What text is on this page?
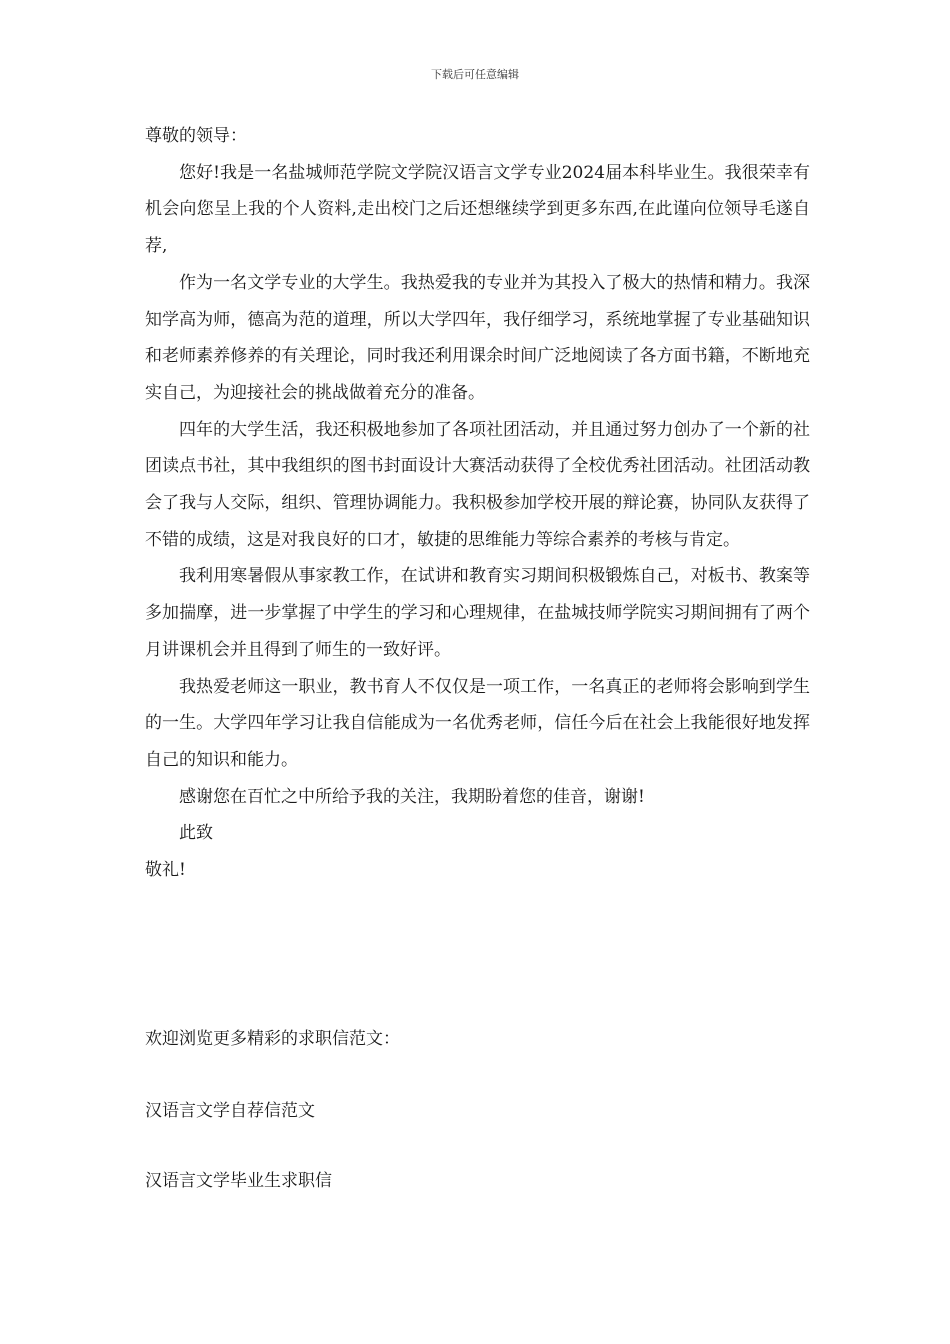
下载后可任意编辑

尊敬的领导：

您好!我是一名盐城师范学院文学院汉语言文学专业2024届本科毕业生。我很荣幸有机会向您呈上我的个人资料,走出校门之后还想继续学到更多东西,在此谨向位领导毛遂自荐,

作为一名文学专业的大学生。我热爱我的专业并为其投入了极大的热情和精力。我深知学高为师，德高为范的道理，所以大学四年，我仔细学习，系统地掌握了专业基础知识和老师素养修养的有关理论，同时我还利用课余时间广泛地阅读了各方面书籍，不断地充实自己，为迎接社会的挑战做着充分的准备。

四年的大学生活，我还积极地参加了各项社团活动，并且通过努力创办了一个新的社团读点书社，其中我组织的图书封面设计大赛活动获得了全校优秀社团活动。社团活动教会了我与人交际，组织、管理协调能力。我积极参加学校开展的辩论赛，协同队友获得了不错的成绩，这是对我良好的口才，敏捷的思维能力等综合素养的考核与肯定。

我利用寒暑假从事家教工作，在试讲和教育实习期间积极锻炼自己，对板书、教案等多加揣摩，进一步掌握了中学生的学习和心理规律，在盐城技师学院实习期间拥有了两个月讲课机会并且得到了师生的一致好评。

我热爱老师这一职业，教书育人不仅仅是一项工作，一名真正的老师将会影响到学生的一生。大学四年学习让我自信能成为一名优秀老师，信任今后在社会上我能很好地发挥自己的知识和能力。

感谢您在百忙之中所给予我的关注，我期盼着您的佳音，谢谢!

此致

敬礼!

欢迎浏览更多精彩的求职信范文：

汉语言文学自荐信范文

汉语言文学毕业生求职信
